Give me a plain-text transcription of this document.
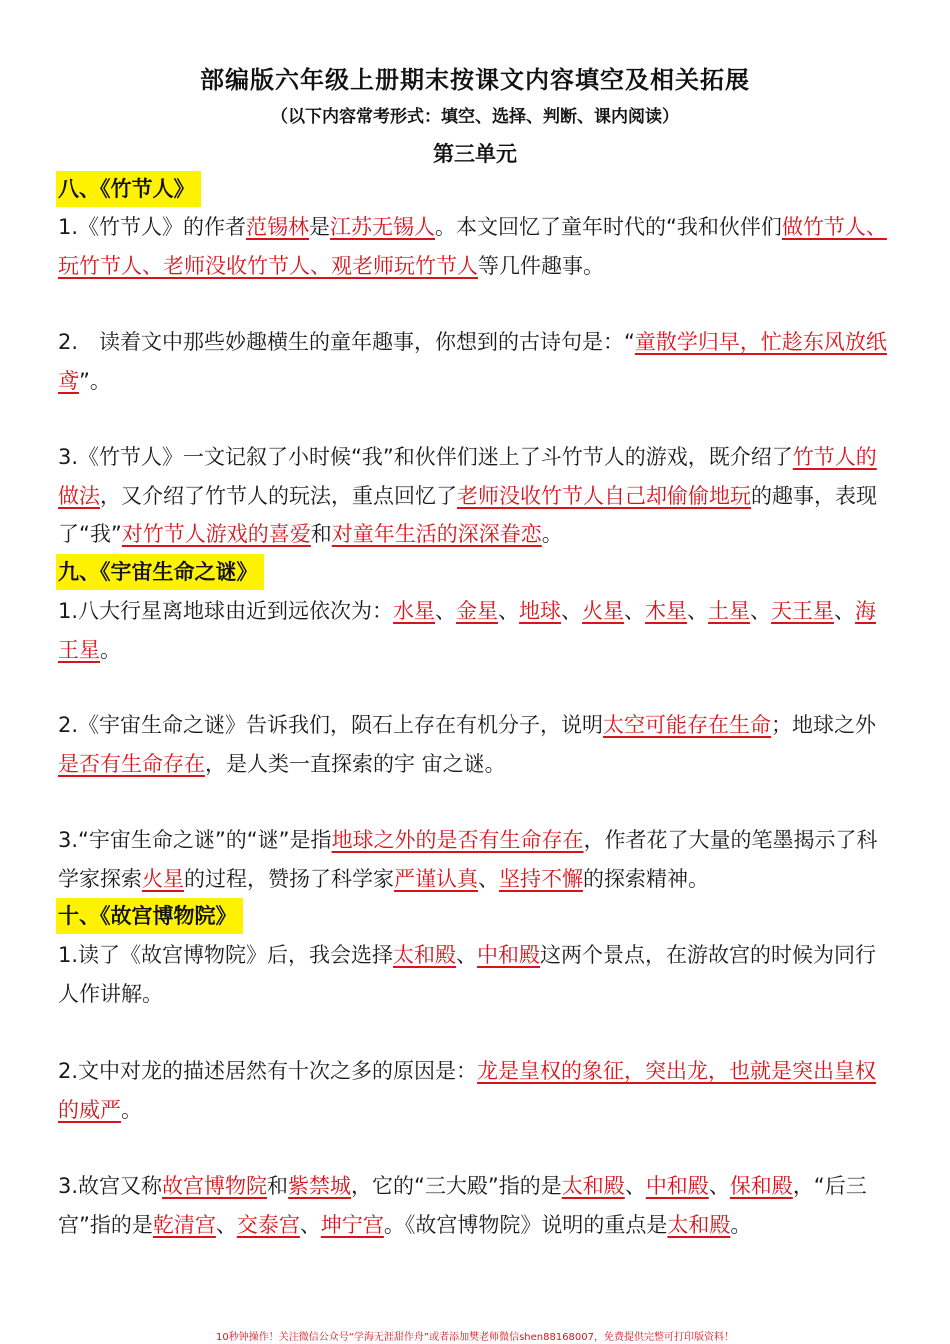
部编版六年级上册期末按课文内容填空及相关拓展
（以下内容常考形式：填空、选择、判断、课内阅读）
第三单元
八、《竹节人》
1.《竹节人》的作者范锡林是江苏无锡人。本文回忆了童年时代的“我和伙伴们做竹节人、玩竹节人、老师没收竹节人、观老师玩竹节人等几件趣事。
2.　读着文中那些妙趣横生的童年趣事，你想到的古诗句是：“童散学归早，忙趁东风放纸鸢”。
3.《竹节人》一文记叙了小时候“我”和伙伴们迷上了斗竹节人的游戏，既介绍了竹节人的做法，又介绍了竹节人的玩法，重点回忆了老师没收竹节人自己却偷偷地玩的趣事，表现了“我”对竹节人游戏的喜爱和对童年生活的深深眷恋。
九、《宇宙生命之谜》
1.八大行星离地球由近到远依次为：水星、金星、地球、火星、木星、土星、天王星、海王星。
2.《宇宙生命之谜》告诉我们，陨石上存在有机分子，说明太空可能存在生命；地球之外是否有生命存在，是人类一直探索的宇 宙之谜。
3.“宇宙生命之谜”的“谜”是指地球之外的是否有生命存在，作者花了大量的笔墨揭示了科学家探索火星的过程，赞扬了科学家严谨认真、坚持不懈的探索精神。
十、《故宫博物院》
1.读了《故宫博物院》后，我会选择太和殿、中和殿这两个景点，在游故宫的时候为同行人作讲解。
2.文中对龙的描述居然有十次之多的原因是：龙是皇权的象征，突出龙，也就是突出皇权的威严。
3.故宫又称故宫博物院和紫禁城，它的“三大殿”指的是太和殿、中和殿、保和殿，“后三宫”指的是乾清宫、交泰宫、坤宁宫。《故宫博物院》说明的重点是太和殿。
10秒钟操作！关注微信公众号“学海无涯甜作舟”或者添加樊老师微信shen88168007，免费提供完整可打印版资料！
